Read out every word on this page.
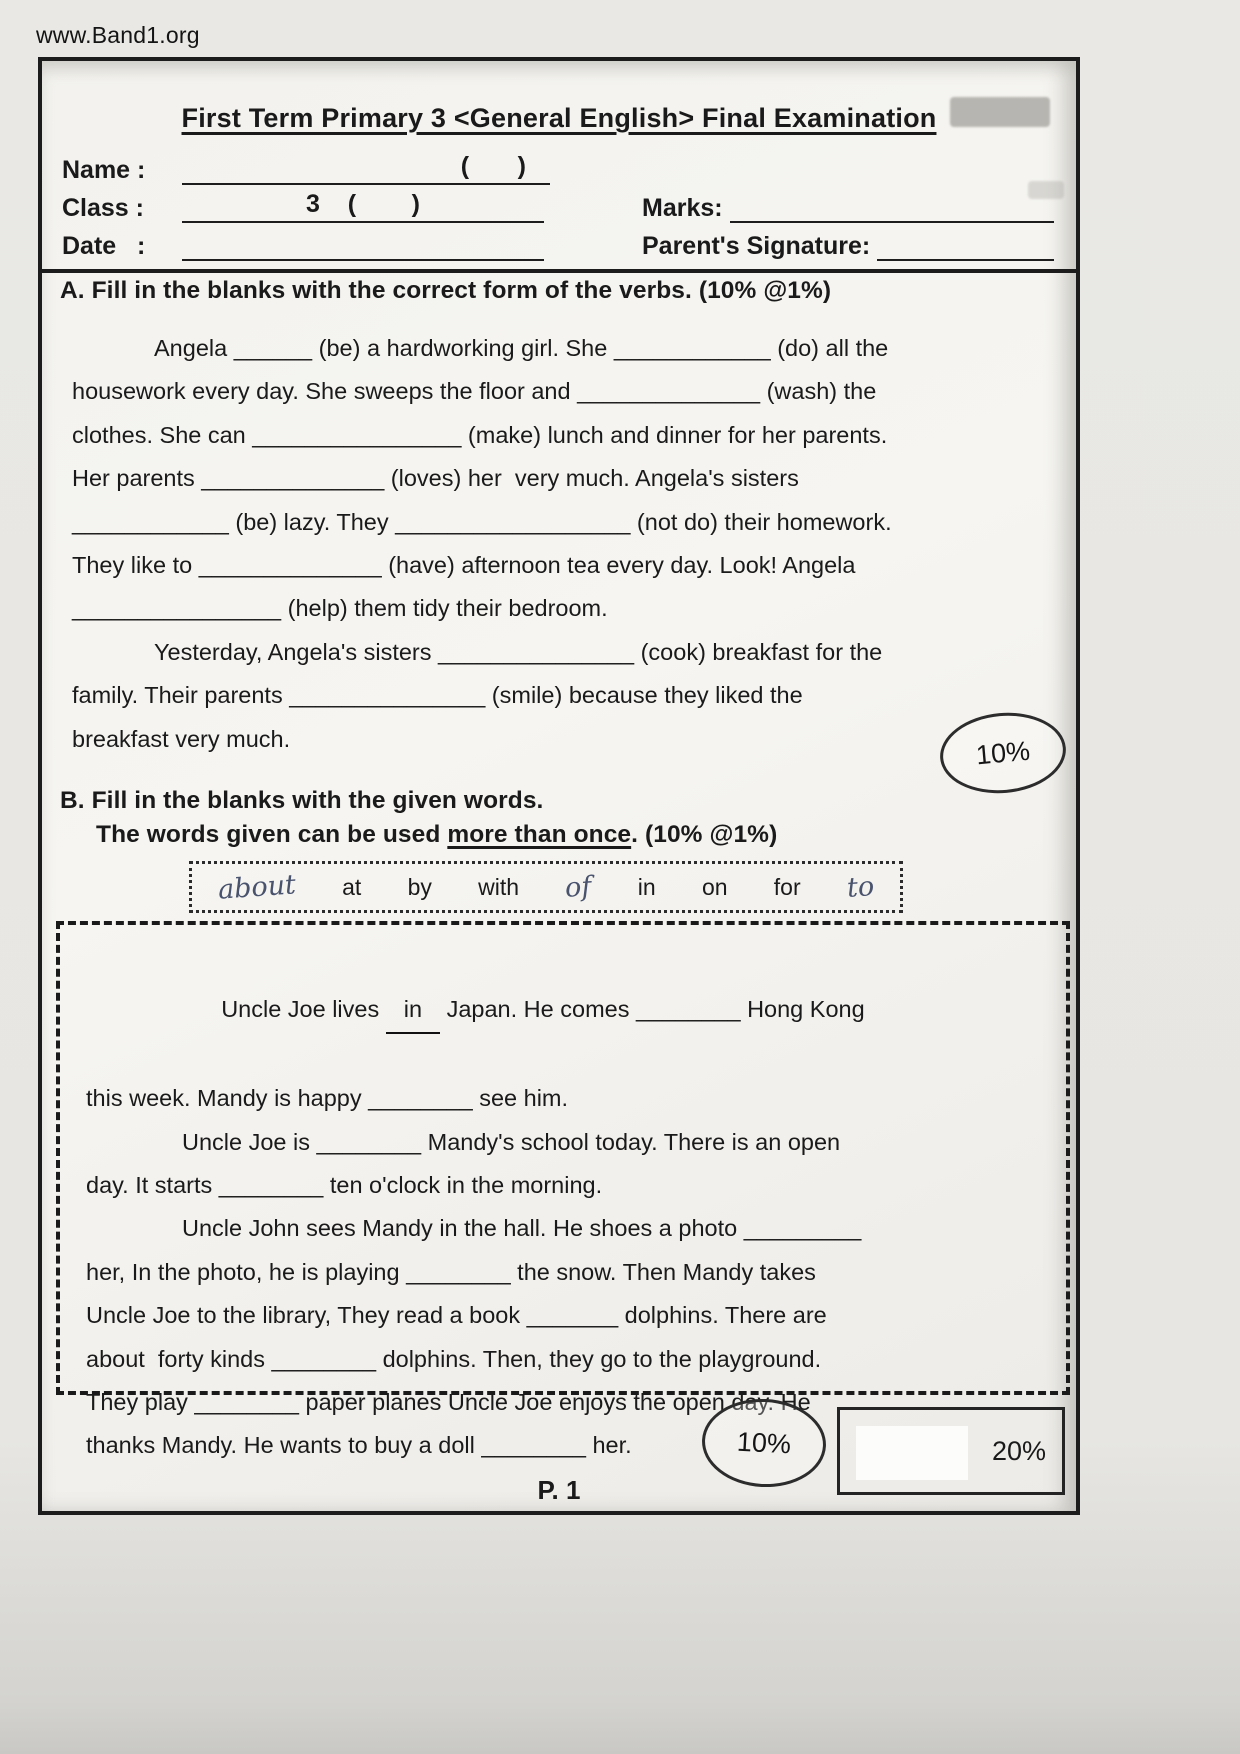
www.Band1.org
First Term Primary 3 <General English> Final Examination
Name :	(       )
Class :	3    (        )	Marks:
Date   :	Parent's Signature:
A. Fill in the blanks with the correct form of the verbs. (10% @1%)
Angela ______ (be) a hardworking girl. She ____________ (do) all the
housework every day. She sweeps the floor and ______________ (wash) the
clothes. She can ________________ (make) lunch and dinner for her parents.
Her parents ______________ (loves) her  very much. Angela's sisters
____________ (be) lazy. They __________________ (not do) their homework.
They like to ______________ (have) afternoon tea every day. Look! Angela
________________ (help) them tidy their bedroom.
Yesterday, Angela's sisters _______________ (cook) breakfast for the
family. Their parents _______________ (smile) because they liked the
breakfast very much.	10%
B. Fill in the blanks with the given words.
The words given can be used more than once. (10% @1%)
about at by with of in on for to

Uncle Joe lives in Japan. He comes ________ Hong Kong

this week. Mandy is happy ________ see him.
Uncle Joe is ________ Mandy's school today. There is an open
day. It starts ________ ten o'clock in the morning.
Uncle John sees Mandy in the hall. He shoes a photo _________
her, In the photo, he is playing ________ the snow. Then Mandy takes
Uncle Joe to the library, They read a book _______ dolphins. There are
about  forty kinds ________ dolphins. Then, they go to the playground.
They play ________ paper planes Uncle Joe enjoys the open day. He
thanks Mandy. He wants to buy a doll ________ her.	10%	20%
P. 1
